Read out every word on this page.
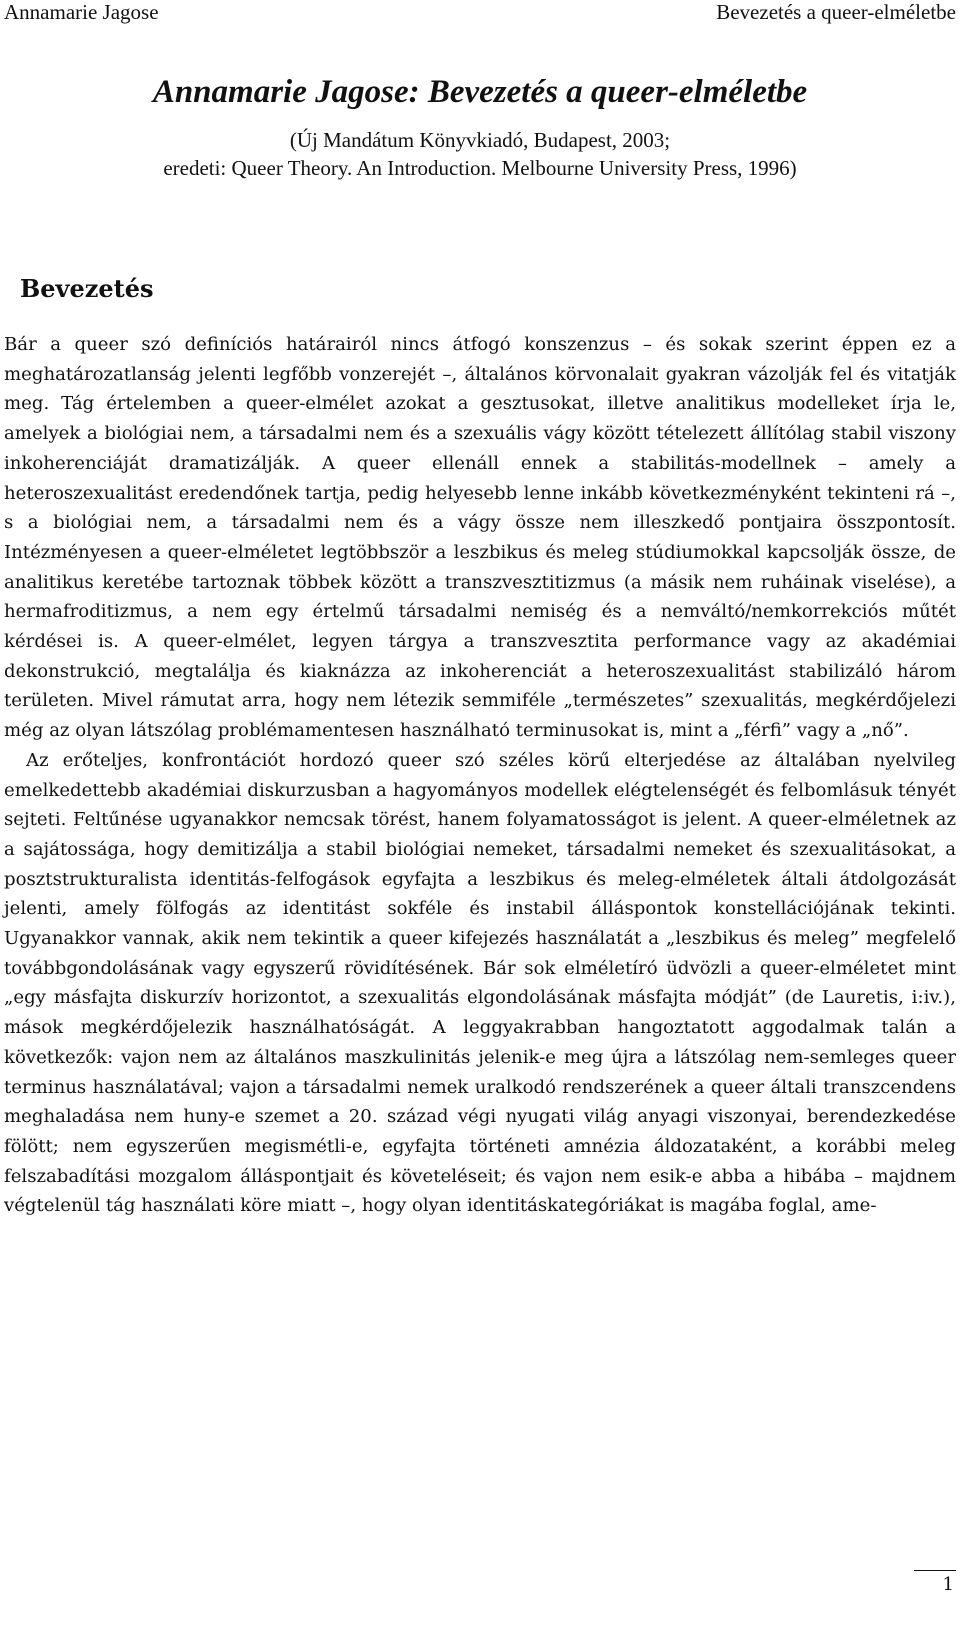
Annamarie Jagose	Bevezetés a queer-elméletbe
Annamarie Jagose: Bevezetés a queer-elméletbe
(Új Mandátum Könyvkiadó, Budapest, 2003;
eredeti: Queer Theory. An Introduction. Melbourne University Press, 1996)
Bevezetés

Bár a queer szó definíciós határairól nincs átfogó konszenzus – és sokak szerint éppen ez a meghatározatlanság jelenti legfőbb vonzerejét –, általános körvonalait gyakran vázolják fel és vitatják meg. Tág értelemben a queer-elmélet azokat a gesztusokat, illetve analitikus modelleket írja le, amelyek a biológiai nem, a társadalmi nem és a szexuális vágy között tételezett állítólag stabil viszony inkoherenciáját dramatizálják. A queer ellenáll ennek a stabilitás-modellnek – amely a heteroszexualitást eredendőnek tartja, pedig helyesebb lenne inkább következményként tekinteni rá –, s a biológiai nem, a társadalmi nem és a vágy össze nem illeszkedő pontjaira összpontosít. Intézményesen a queer-elméletet legtöbbször a leszbikus és meleg stúdiumokkal kapcsolják össze, de analitikus keretébe tartoznak többek között a transzvesztitizmus (a másik nem ruháinak viselése), a hermafroditizmus, a nem egy értelmű társadalmi nemiség és a nemváltó/nemkorrekciós műtét kérdései is. A queer-elmélet, legyen tárgya a transzvesztita performance vagy az akadémiai dekonstrukció, megtalálja és kiaknázza az inkoherenciát a heteroszexualitást stabilizáló három területen. Mivel rámutat arra, hogy nem létezik semmiféle „természetes” szexualitás, megkérdőjelezi még az olyan látszólag problémamentesen használható terminusokat is, mint a „férfi” vagy a „nő”.

Az erőteljes, konfrontációt hordozó queer szó széles körű elterjedése az általában nyelvileg emelkedettebb akadémiai diskurzusban a hagyományos modellek elégtelenségét és felbomlásuk tényét sejteti. Feltűnése ugyanakkor nemcsak törést, hanem folyamatosságot is jelent. A queer-elméletnek az a sajátossága, hogy demitizálja a stabil biológiai nemeket, társadalmi nemeket és szexualitásokat, a posztstrukturalista identitás-felfogások egyfajta a leszbikus és meleg-elméletek általi átdolgozását jelenti, amely fölfogás az identitást sokféle és instabil álláspontok konstellációjának tekinti. Ugyanakkor vannak, akik nem tekintik a queer kifejezés használatát a „leszbikus és meleg” megfelelő továbbgondolásának vagy egyszerű rövidítésének. Bár sok elméletíró üdvözli a queer-elméletet mint „egy másfajta diskurzív horizontot, a szexualitás elgondolásának másfajta módját” (de Lauretis, i:iv.), mások megkérdőjelezik használhatóságát. A leggyakrabban hangoztatott aggodalmak talán a következők: vajon nem az általános maszkulinitás jelenik-e meg újra a látszólag nem-semleges queer terminus használatával; vajon a társadalmi nemek uralkodó rendszerének a queer általi transzcendens meghaladása nem huny-e szemet a 20. század végi nyugati világ anyagi viszonyai, berendezkedése fölött; nem egyszerűen megismétli-e, egyfajta történeti amnézia áldozataként, a korábbi meleg felszabadítási mozgalom álláspontjait és követeléseit; és vajon nem esik-e abba a hibába – majdnem végtelenül tág használati köre miatt –, hogy olyan identitáskategóriákat is magába foglal, ame-

1
